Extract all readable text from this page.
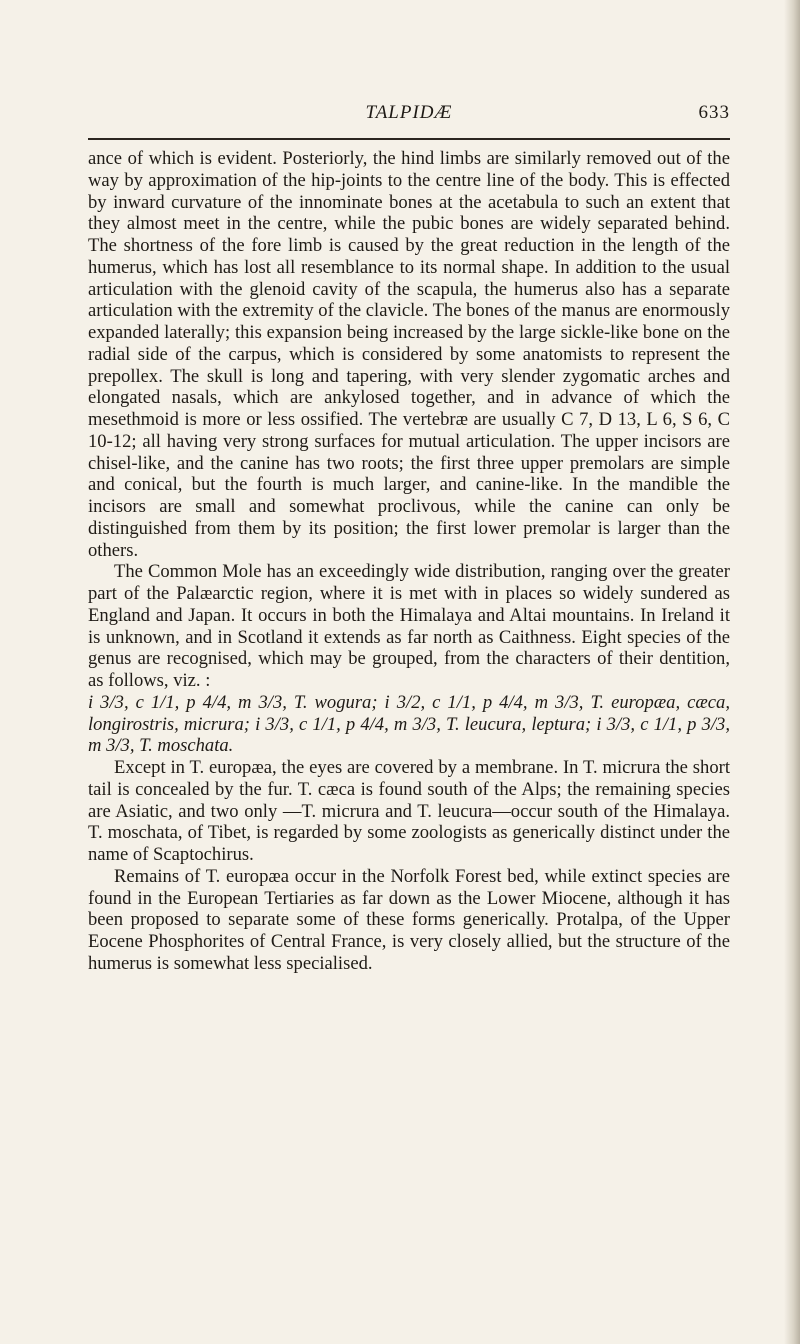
TALPIDÆ	633

ance of which is evident. Posteriorly, the hind limbs are similarly removed out of the way by approximation of the hip-joints to the centre line of the body. This is effected by inward curvature of the innominate bones at the acetabula to such an extent that they almost meet in the centre, while the pubic bones are widely separated behind. The shortness of the fore limb is caused by the great reduction in the length of the humerus, which has lost all resemblance to its normal shape. In addition to the usual articulation with the glenoid cavity of the scapula, the humerus also has a separate articulation with the extremity of the clavicle. The bones of the manus are enormously expanded laterally; this expansion being increased by the large sickle-like bone on the radial side of the carpus, which is considered by some anatomists to represent the prepollex. The skull is long and tapering, with very slender zygomatic arches and elongated nasals, which are ankylosed together, and in advance of which the mesethmoid is more or less ossified. The vertebræ are usually C 7, D 13, L 6, S 6, C 10-12; all having very strong surfaces for mutual articulation. The upper incisors are chisel-like, and the canine has two roots; the first three upper premolars are simple and conical, but the fourth is much larger, and canine-like. In the mandible the incisors are small and somewhat proclivous, while the canine can only be distinguished from them by its position; the first lower premolar is larger than the others.

The Common Mole has an exceedingly wide distribution, ranging over the greater part of the Palæarctic region, where it is met with in places so widely sundered as England and Japan. It occurs in both the Himalaya and Altai mountains. In Ireland it is unknown, and in Scotland it extends as far north as Caithness. Eight species of the genus are recognised, which may be grouped, from the characters of their dentition, as follows, viz. :

i 3/3, c 1/1, p 4/4, m 3/3, T. wogura; i 3/2, c 1/1, p 4/4, m 3/3, T. europæa, cæca, longirostris, micrura; i 3/3, c 1/1, p 4/4, m 3/3, T. leucura, leptura; i 3/3, c 1/1, p 3/3, m 3/3, T. moschata.

Except in T. europæa, the eyes are covered by a membrane. In T. micrura the short tail is concealed by the fur. T. cæca is found south of the Alps; the remaining species are Asiatic, and two only —T. micrura and T. leucura—occur south of the Himalaya. T. moschata, of Tibet, is regarded by some zoologists as generically distinct under the name of Scaptochirus.

Remains of T. europæa occur in the Norfolk Forest bed, while extinct species are found in the European Tertiaries as far down as the Lower Miocene, although it has been proposed to separate some of these forms generically. Protalpa, of the Upper Eocene Phosphorites of Central France, is very closely allied, but the structure of the humerus is somewhat less specialised.
